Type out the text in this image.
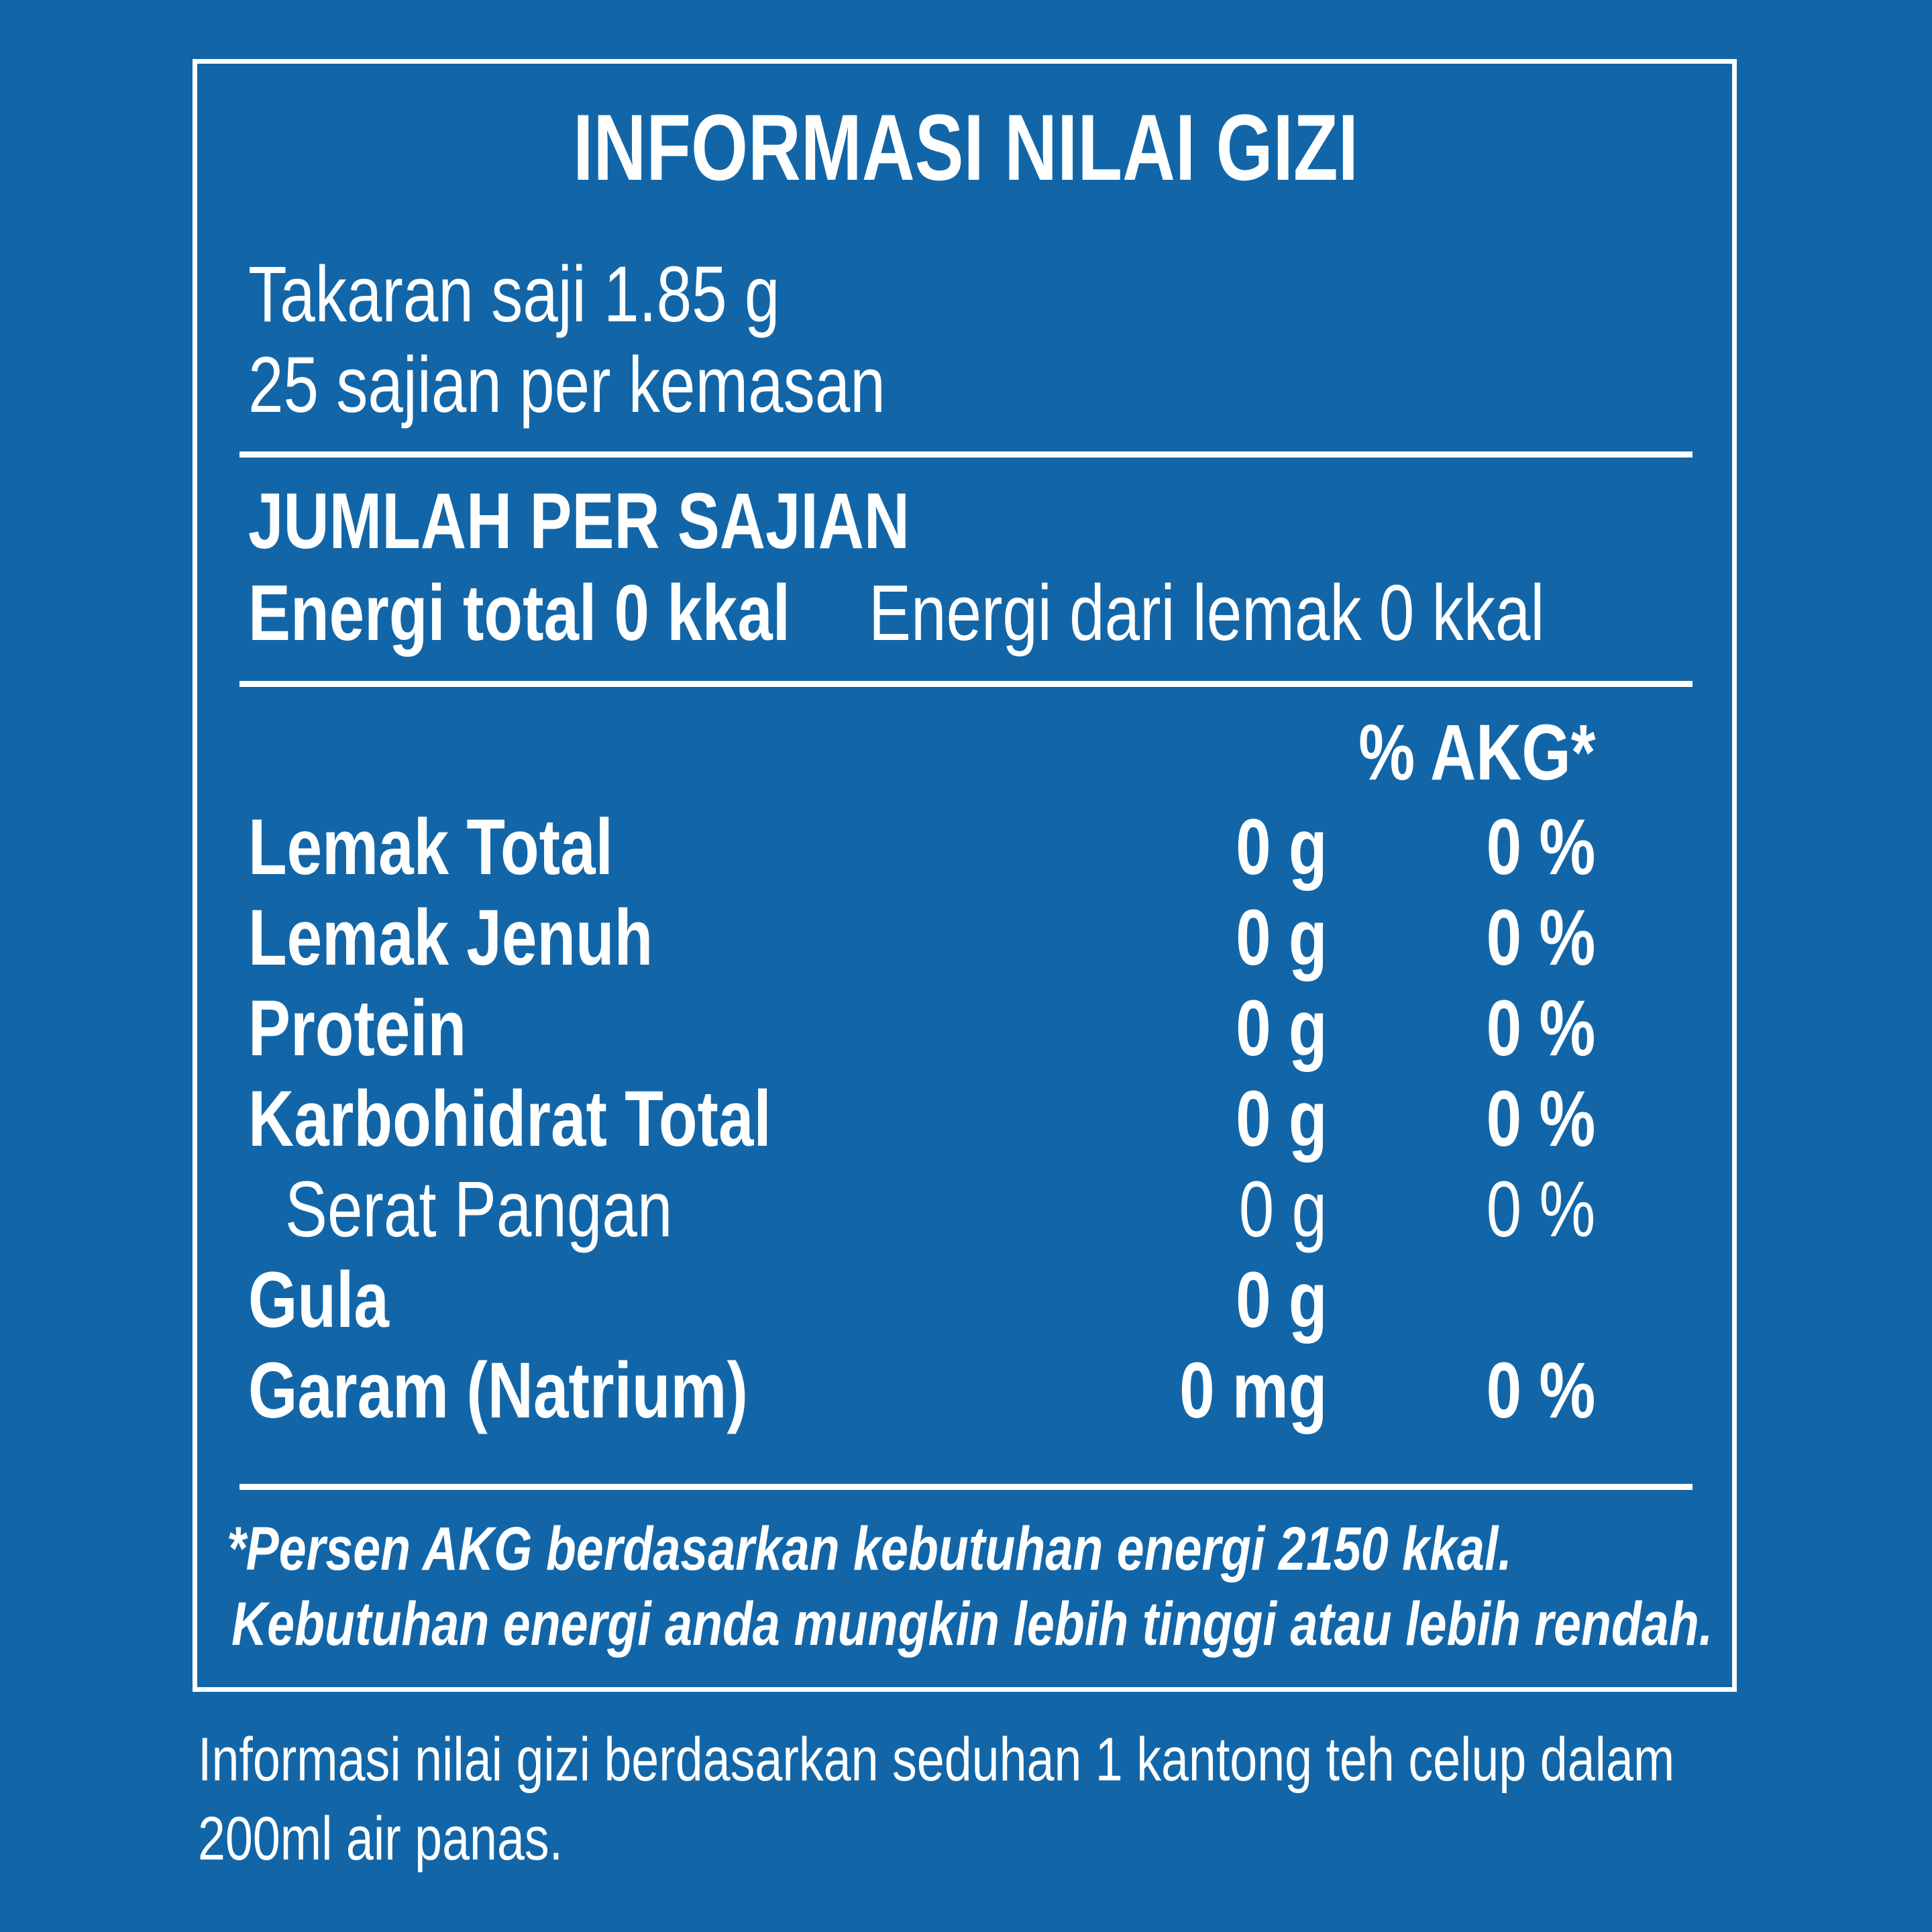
INFORMASI NILAI GIZI
Takaran saji 1.85 g
25 sajian per kemasan
JUMLAH PER SAJIAN
Energi total 0 kkal Energi dari lemak 0 kkal
% AKG*
Lemak Total	0 g	0 %
Lemak Jenuh	0 g	0 %
Protein	0 g	0 %
Karbohidrat Total	0 g	0 %
Serat Pangan	0 g	0 %
Gula	0 g
Garam (Natrium)	0 mg	0 %
*Persen AKG berdasarkan kebutuhan energi 2150 kkal.
Kebutuhan energi anda mungkin lebih tinggi atau lebih rendah.
Informasi nilai gizi berdasarkan seduhan 1 kantong teh celup dalam
200ml air panas.
